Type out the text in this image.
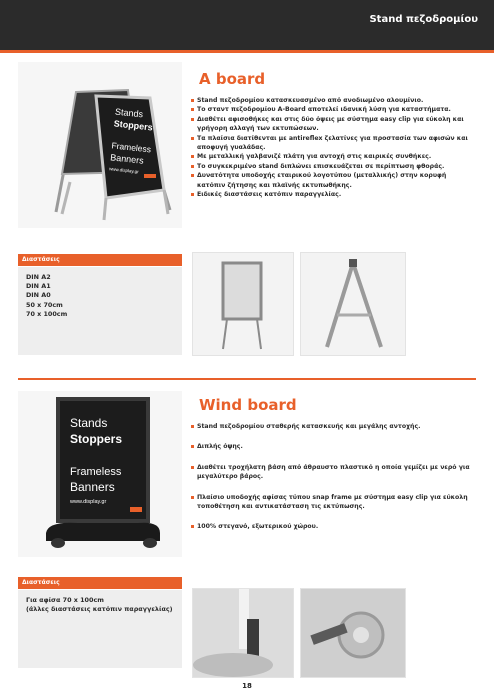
Stand πεζοδρομίου
Stands
Stoppers
Frameless
Banners
www.display.gr
A board
Stand πεζοδρομίου κατασκευασμένο από ανοδιωμένο αλουμίνιο.
Το σταντ πεζοδρομίου A-Board αποτελεί ιδανική λύση για καταστήματα.
Διαθέτει αφισοθήκες και στις δύο όψεις με σύστημα easy clip για εύκολη και γρήγορη αλλαγή των εκτυπώσεων.
Τα πλαίσια διατίθενται με antireflex ζελατίνες για προστασία των αφισών και αποφυγή γυαλάδας.
Με μεταλλική γαλβανιζέ πλάτη για αντοχή στις καιρικές συνθήκες.
Το συγκεκριμένο stand διπλώνει επισκευάζεται σε περίπτωση φθοράς.
Δυνατότητα υποδοχής εταιρικού λογοτύπου (μεταλλικής) στην κορυφή κατόπιν ζήτησης και πλαϊνής εκτυπωθήκης.
Ειδικές διαστάσεις κατόπιν παραγγελίας.
Διαστάσεις
DIN A2
DIN A1
DIN A0
50 x 70cm
70 x 100cm
Stands
Stoppers
Frameless
Banners
www.display.gr
Wind board
Stand πεζοδρομίου σταθερής κατασκευής και μεγάλης αντοχής.
Διπλής όψης.
Διαθέτει τροχήλατη βάση από άθραυστο πλαστικό η οποία γεμίζει με νερό για μεγαλύτερο βάρος.
Πλαίσιο υποδοχής αφίσας τύπου snap frame με σύστημα easy clip για εύκολη τοποθέτηση και αντικατάσταση τις εκτύπωσης.
100% στεγανό, εξωτερικού χώρου.
Διαστάσεις
Για αφίσα 70 x 100cm
(άλλες διαστάσεις κατόπιν παραγγελίας)
18
